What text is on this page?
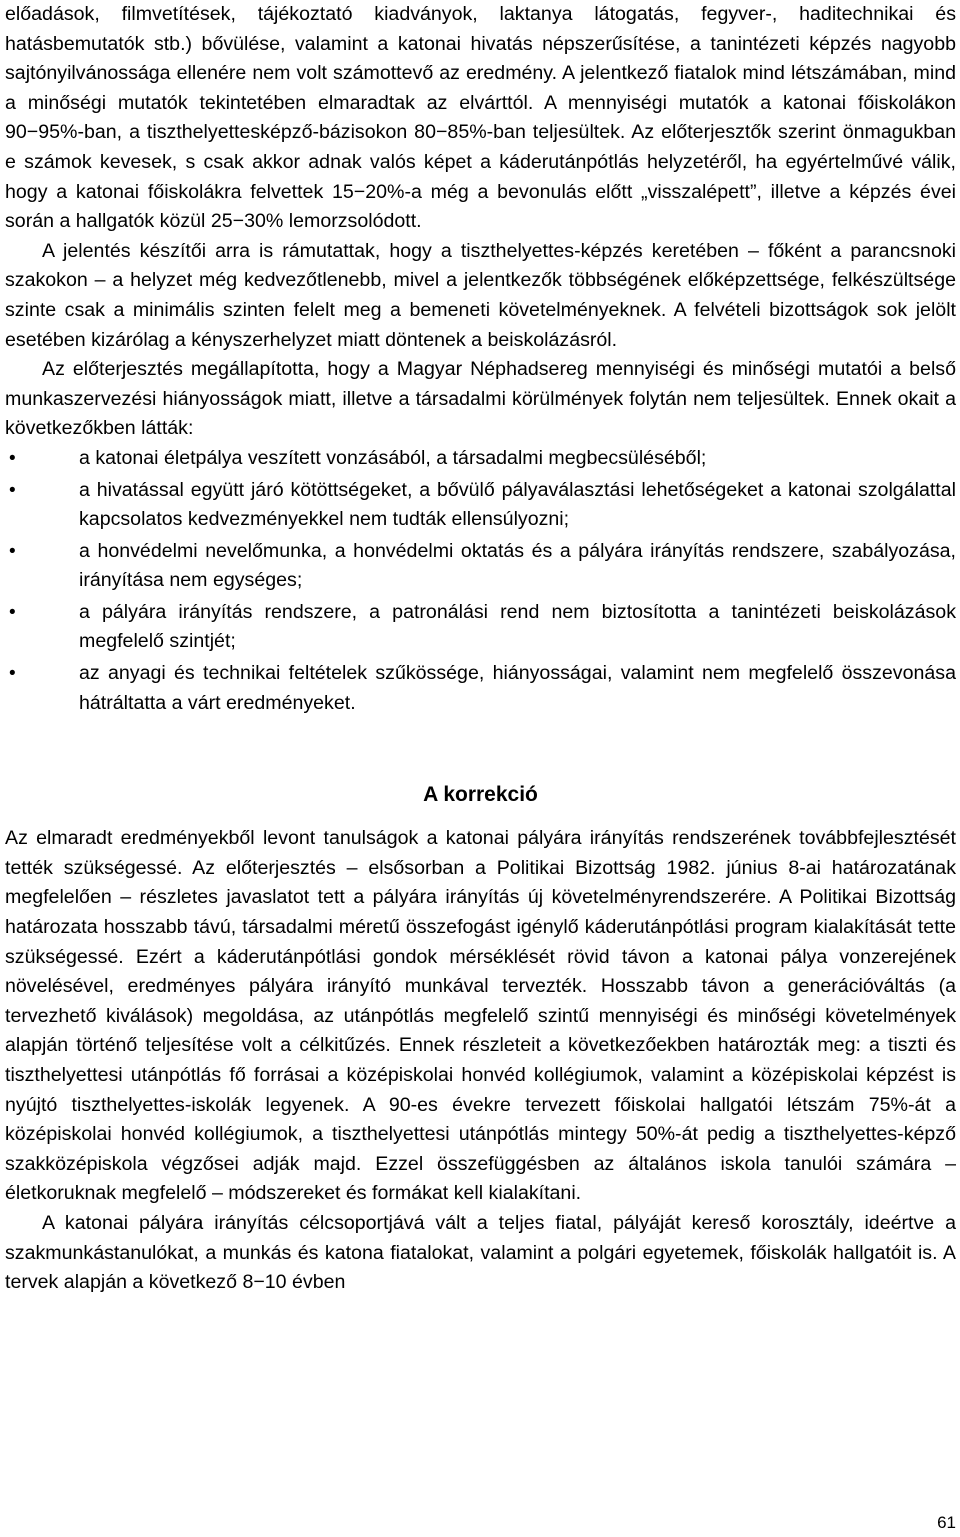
előadások, filmvetítések, tájékoztató kiadványok, laktanya látogatás, fegyver-, haditechnikai és hatásbemutatók stb.) bővülése, valamint a katonai hivatás népszerűsítése, a tanintézeti képzés nagyobb sajtónyilvánossága ellenére nem volt számottevő az eredmény. A jelentkező fiatalok mind létszámában, mind a minőségi mutatók tekintetében elmaradtak az elvárttól. A mennyiségi mutatók a katonai főiskolákon 90−95%-ban, a tiszthelyettesképző-bázisokon 80−85%-ban teljesültek. Az előterjesztők szerint önmagukban e számok kevesek, s csak akkor adnak valós képet a káderutánpótlás helyzetéről, ha egyértelművé válik, hogy a katonai főiskolákra felvettek 15−20%-a még a bevonulás előtt „visszalépett”, illetve a képzés évei során a hallgatók közül 25−30% lemorzsolódott.

A jelentés készítői arra is rámutattak, hogy a tiszthelyettes-képzés keretében ‒ főként a parancsnoki szakokon ‒ a helyzet még kedvezőtlenebb, mivel a jelentkezők többségének előképzettsége, felkészültsége szinte csak a minimális szinten felelt meg a bemeneti követelményeknek. A felvételi bizottságok sok jelölt esetében kizárólag a kényszerhelyzet miatt döntenek a beiskolázásról.

Az előterjesztés megállapította, hogy a Magyar Néphadsereg mennyiségi és minőségi mutatói a belső munkaszervezési hiányosságok miatt, illetve a társadalmi körülmények folytán nem teljesültek. Ennek okait a következőkben látták:

•	a katonai életpálya veszített vonzásából, a társadalmi megbecsüléséből;
•	a hivatással együtt járó kötöttségeket, a bővülő pályaválasztási lehetőségeket a katonai szolgálattal kapcsolatos kedvezményekkel nem tudták ellensúlyozni;
•	a honvédelmi nevelőmunka, a honvédelmi oktatás és a pályára irányítás rendszere, szabályozása, irányítása nem egységes;
•	a pályára irányítás rendszere, a patronálási rend nem biztosította a tanintézeti beiskolázások megfelelő szintjét;
•	az anyagi és technikai feltételek szűkössége, hiányosságai, valamint nem megfelelő összevonása hátráltatta a várt eredményeket.
A korrekció

Az elmaradt eredményekből levont tanulságok a katonai pályára irányítás rendszerének továbbfejlesztését tették szükségessé. Az előterjesztés ‒ elsősorban a Politikai Bizottság 1982. június 8-ai határozatának megfelelően ‒ részletes javaslatot tett a pályára irányítás új követelményrendszerére. A Politikai Bizottság határozata hosszabb távú, társadalmi méretű összefogást igénylő káderutánpótlási program kialakítását tette szükségessé. Ezért a káderutánpótlási gondok mérséklését rövid távon a katonai pálya vonzerejének növelésével, eredményes pályára irányító munkával tervezték. Hosszabb távon a generációváltás (a tervezhető kiválások) megoldása, az utánpótlás megfelelő szintű mennyiségi és minőségi követelmények alapján történő teljesítése volt a célkitűzés. Ennek részleteit a következőekben határozták meg: a tiszti és tiszthelyettesi utánpótlás fő forrásai a középiskolai honvéd kollégiumok, valamint a középiskolai képzést is nyújtó tiszthelyettes-iskolák legyenek. A 90-es évekre tervezett főiskolai hallgatói létszám 75%-át a középiskolai honvéd kollégiumok, a tiszthelyettesi utánpótlás mintegy 50%-át pedig a tiszthelyettes-képző szakközépiskola végzősei adják majd. Ezzel összefüggésben az általános iskola tanulói számára ‒ életkoruknak megfelelő ‒ módszereket és formákat kell kialakítani.

A katonai pályára irányítás célcsoportjává vált a teljes fiatal, pályáját kereső korosztály, ideértve a szakmunkástanulókat, a munkás és katona fiatalokat, valamint a polgári egyetemek, főiskolák hallgatóit is. A tervek alapján a következő 8−10 évben

61
